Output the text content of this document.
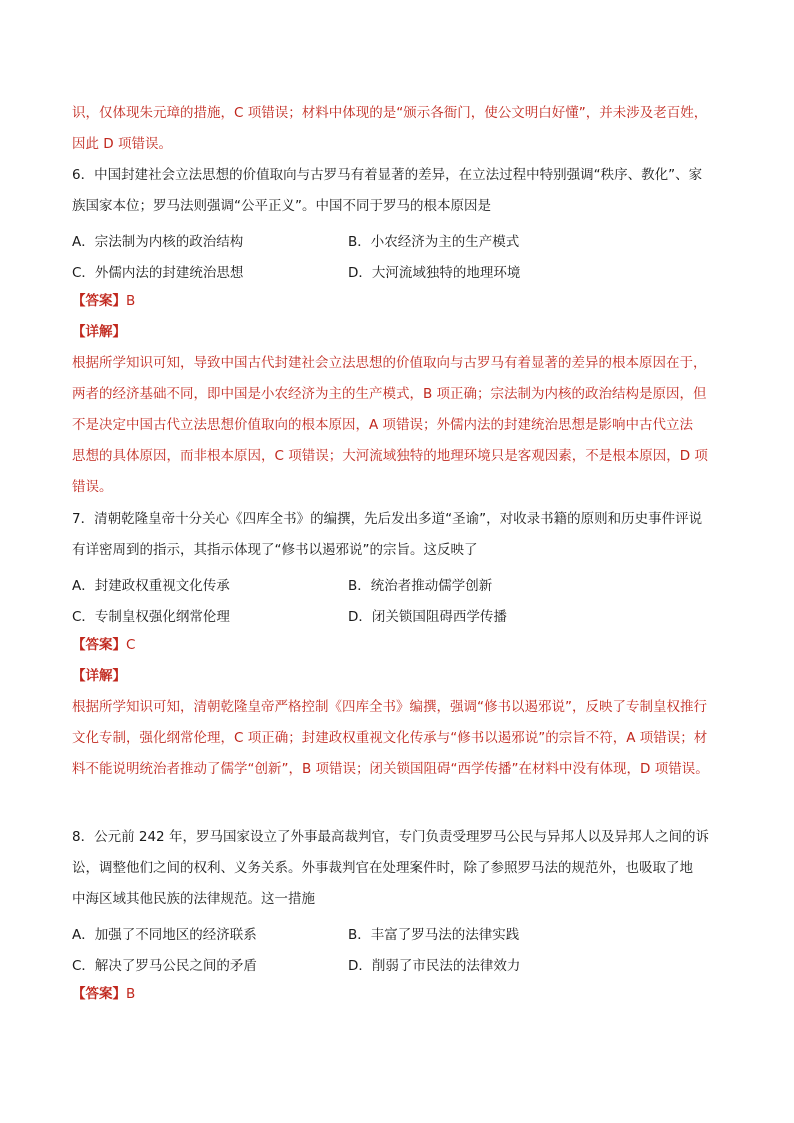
识，仅体现朱元璋的措施，C 项错误；材料中体现的是“颁示各衙门，使公文明白好懂”，并未涉及老百姓，
因此 D 项错误。
6．中国封建社会立法思想的价值取向与古罗马有着显著的差异，在立法过程中特别强调“秩序、教化”、家
族国家本位；罗马法则强调“公平正义”。中国不同于罗马的根本原因是
A．宗法制为内核的政治结构	B．小农经济为主的生产模式
C．外儒内法的封建统治思想	D．大河流域独特的地理环境
【答案】B
【详解】
根据所学知识可知，导致中国古代封建社会立法思想的价值取向与古罗马有着显著的差异的根本原因在于，
两者的经济基础不同，即中国是小农经济为主的生产模式，B 项正确；宗法制为内核的政治结构是原因，但
不是决定中国古代立法思想价值取向的根本原因，A 项错误；外儒内法的封建统治思想是影响中古代立法
思想的具体原因，而非根本原因，C 项错误；大河流域独特的地理环境只是客观因素，不是根本原因，D 项
错误。
7．清朝乾隆皇帝十分关心《四库全书》的编撰，先后发出多道“圣谕”，对收录书籍的原则和历史事件评说
有详密周到的指示，其指示体现了“修书以遏邪说”的宗旨。这反映了
A．封建政权重视文化传承	B．统治者推动儒学创新
C．专制皇权强化纲常伦理	D．闭关锁国阻碍西学传播
【答案】C
【详解】
根据所学知识可知，清朝乾隆皇帝严格控制《四库全书》编撰，强调“修书以遏邪说”，反映了专制皇权推行
文化专制，强化纲常伦理，C 项正确；封建政权重视文化传承与“修书以遏邪说”的宗旨不符，A 项错误；材
料不能说明统治者推动了儒学“创新”，B 项错误；闭关锁国阻碍“西学传播”在材料中没有体现，D 项错误。
8．公元前 242 年，罗马国家设立了外事最高裁判官，专门负责受理罗马公民与异邦人以及异邦人之间的诉
讼，调整他们之间的权利、义务关系。外事裁判官在处理案件时，除了参照罗马法的规范外，也吸取了地
中海区域其他民族的法律规范。这一措施
A．加强了不同地区的经济联系	B．丰富了罗马法的法律实践
C．解决了罗马公民之间的矛盾	D．削弱了市民法的法律效力
【答案】B
